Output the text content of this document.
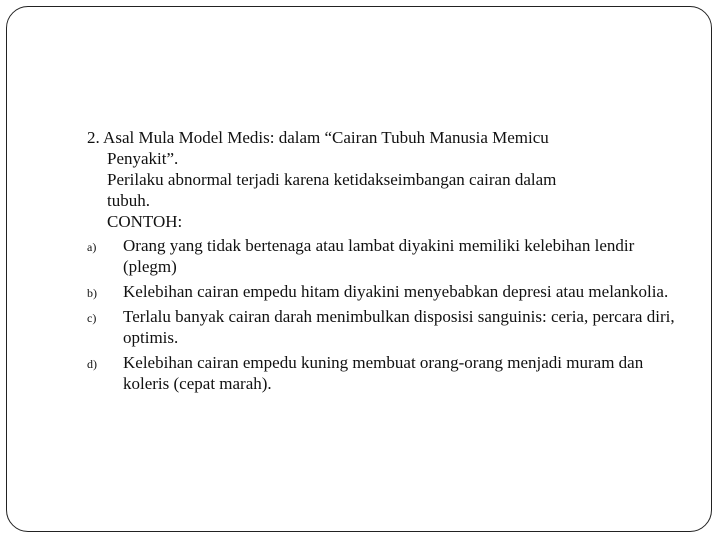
2. Asal Mula Model Medis: dalam “Cairan Tubuh Manusia Memicu

Penyakit”.

Perilaku abnormal terjadi karena ketidakseimbangan cairan dalam

tubuh.

CONTOH:

a) Orang yang tidak bertenaga atau lambat diyakini memiliki kelebihan lendir (plegm)
b) Kelebihan cairan empedu hitam diyakini menyebabkan depresi atau melankolia.
c) Terlalu banyak cairan darah menimbulkan disposisi sanguinis: ceria, percara diri, optimis.
d) Kelebihan cairan empedu kuning membuat orang-orang menjadi muram dan koleris (cepat marah).
